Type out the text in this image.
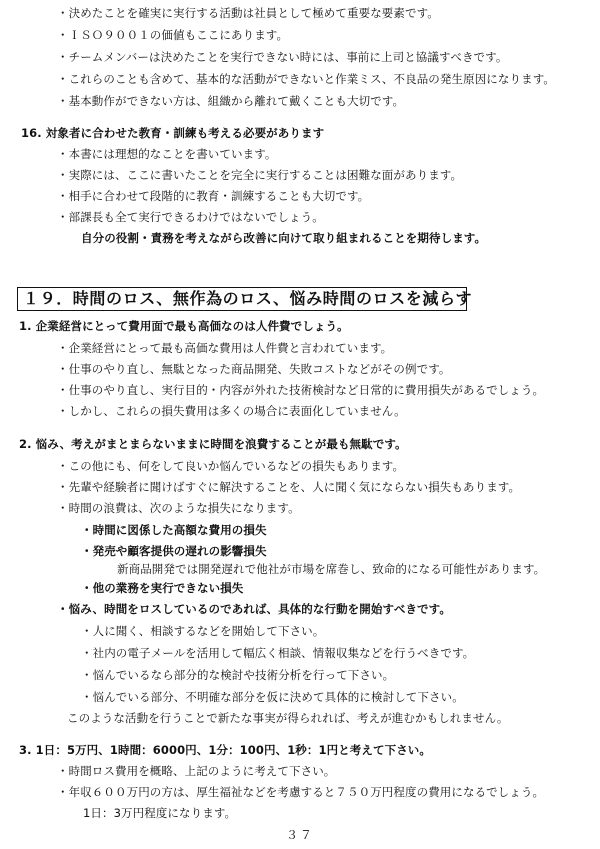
・決めたことを確実に実行する活動は社員として極めて重要な要素です。
・ＩＳＯ９００１の価値もここにあります。
・チームメンバーは決めたことを実行できない時には、事前に上司と協議すべきです。
・これらのことも含めて、基本的な活動ができないと作業ミス、不良品の発生原因になります。
・基本動作ができない方は、組織から離れて戴くことも大切です。
16. 対象者に合わせた教育・訓練も考える必要があります
・本書には理想的なことを書いています。
・実際には、ここに書いたことを完全に実行することは困難な面があります。
・相手に合わせて段階的に教育・訓練することも大切です。
・部課長も全て実行できるわけではないでしょう。
自分の役割・責務を考えながら改善に向けて取り組まれることを期待します。
１９．時間のロス、無作為のロス、悩み時間のロスを減らす
1. 企業経営にとって費用面で最も高価なのは人件費でしょう。
・企業経営にとって最も高価な費用は人件費と言われています。
・仕事のやり直し、無駄となった商品開発、失敗コストなどがその例です。
・仕事のやり直し、実行目的・内容が外れた技術検討など日常的に費用損失があるでしょう。
・しかし、これらの損失費用は多くの場合に表面化していません。
2. 悩み、考えがまとまらないままに時間を浪費することが最も無駄です。
・この他にも、何をして良いか悩んでいるなどの損失もあります。
・先輩や経験者に聞けばすぐに解決することを、人に聞く気にならない損失もあります。
・時間の浪費は、次のような損失になります。
・時間に図係した高額な費用の損失
・発売や顧客提供の遅れの影響損失
新商品開発では開発遅れで他社が市場を席巻し、致命的になる可能性があります。
・他の業務を実行できない損失
・悩み、時間をロスしているのであれば、具体的な行動を開始すべきです。
・人に聞く、相談するなどを開始して下さい。
・社内の電子メールを活用して幅広く相談、情報収集などを行うべきです。
・悩んでいるなら部分的な検討や技術分析を行って下さい。
・悩んでいる部分、不明確な部分を仮に決めて具体的に検討して下さい。
このような活動を行うことで新たな事実が得られれば、考えが進むかもしれません。
3. 1日：5万円、1時間：6000円、1分：100円、1秒：1円と考えて下さい。
・時間ロス費用を概略、上記のように考えて下さい。
・年収６００万円の方は、厚生福祉などを考慮すると７５０万円程度の費用になるでしょう。
1日：3万円程度になります。
３７
